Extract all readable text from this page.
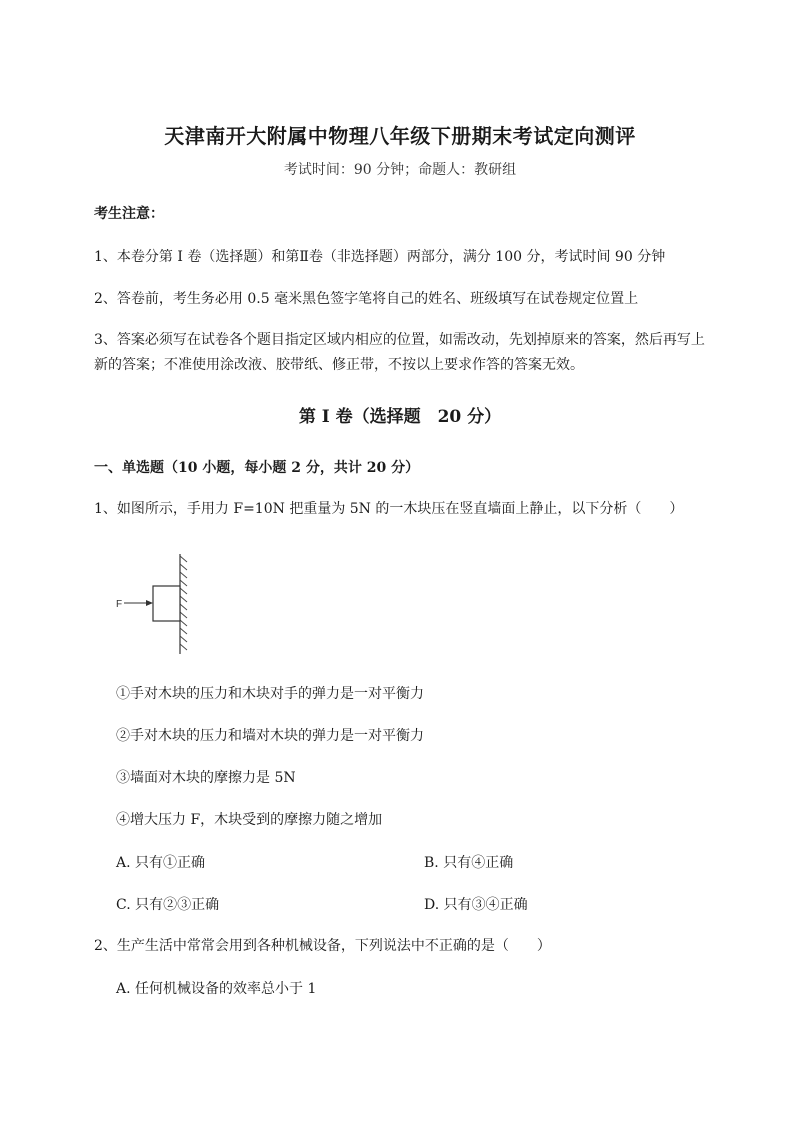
天津南开大附属中物理八年级下册期末考试定向测评
考试时间：90 分钟；命题人：教研组
考生注意：
1、本卷分第 I 卷（选择题）和第Ⅱ卷（非选择题）两部分，满分 100 分，考试时间 90 分钟
2、答卷前，考生务必用 0.5 毫米黑色签字笔将自己的姓名、班级填写在试卷规定位置上
3、答案必须写在试卷各个题目指定区域内相应的位置，如需改动，先划掉原来的答案，然后再写上新的答案；不准使用涂改液、胶带纸、修正带，不按以上要求作答的答案无效。
第 I 卷（选择题　20 分）
一、单选题（10 小题，每小题 2 分，共计 20 分）
1、如图所示，手用力 F=10N 把重量为 5N 的一木块压在竖直墙面上静止，以下分析（　　）
F
①手对木块的压力和木块对手的弹力是一对平衡力
②手对木块的压力和墙对木块的弹力是一对平衡力
③墙面对木块的摩擦力是 5N
④增大压力 F，木块受到的摩擦力随之增加
A. 只有①正确	B. 只有④正确
C. 只有②③正确	D. 只有③④正确
2、生产生活中常常会用到各种机械设备，下列说法中不正确的是（　　）
A. 任何机械设备的效率总小于 1
